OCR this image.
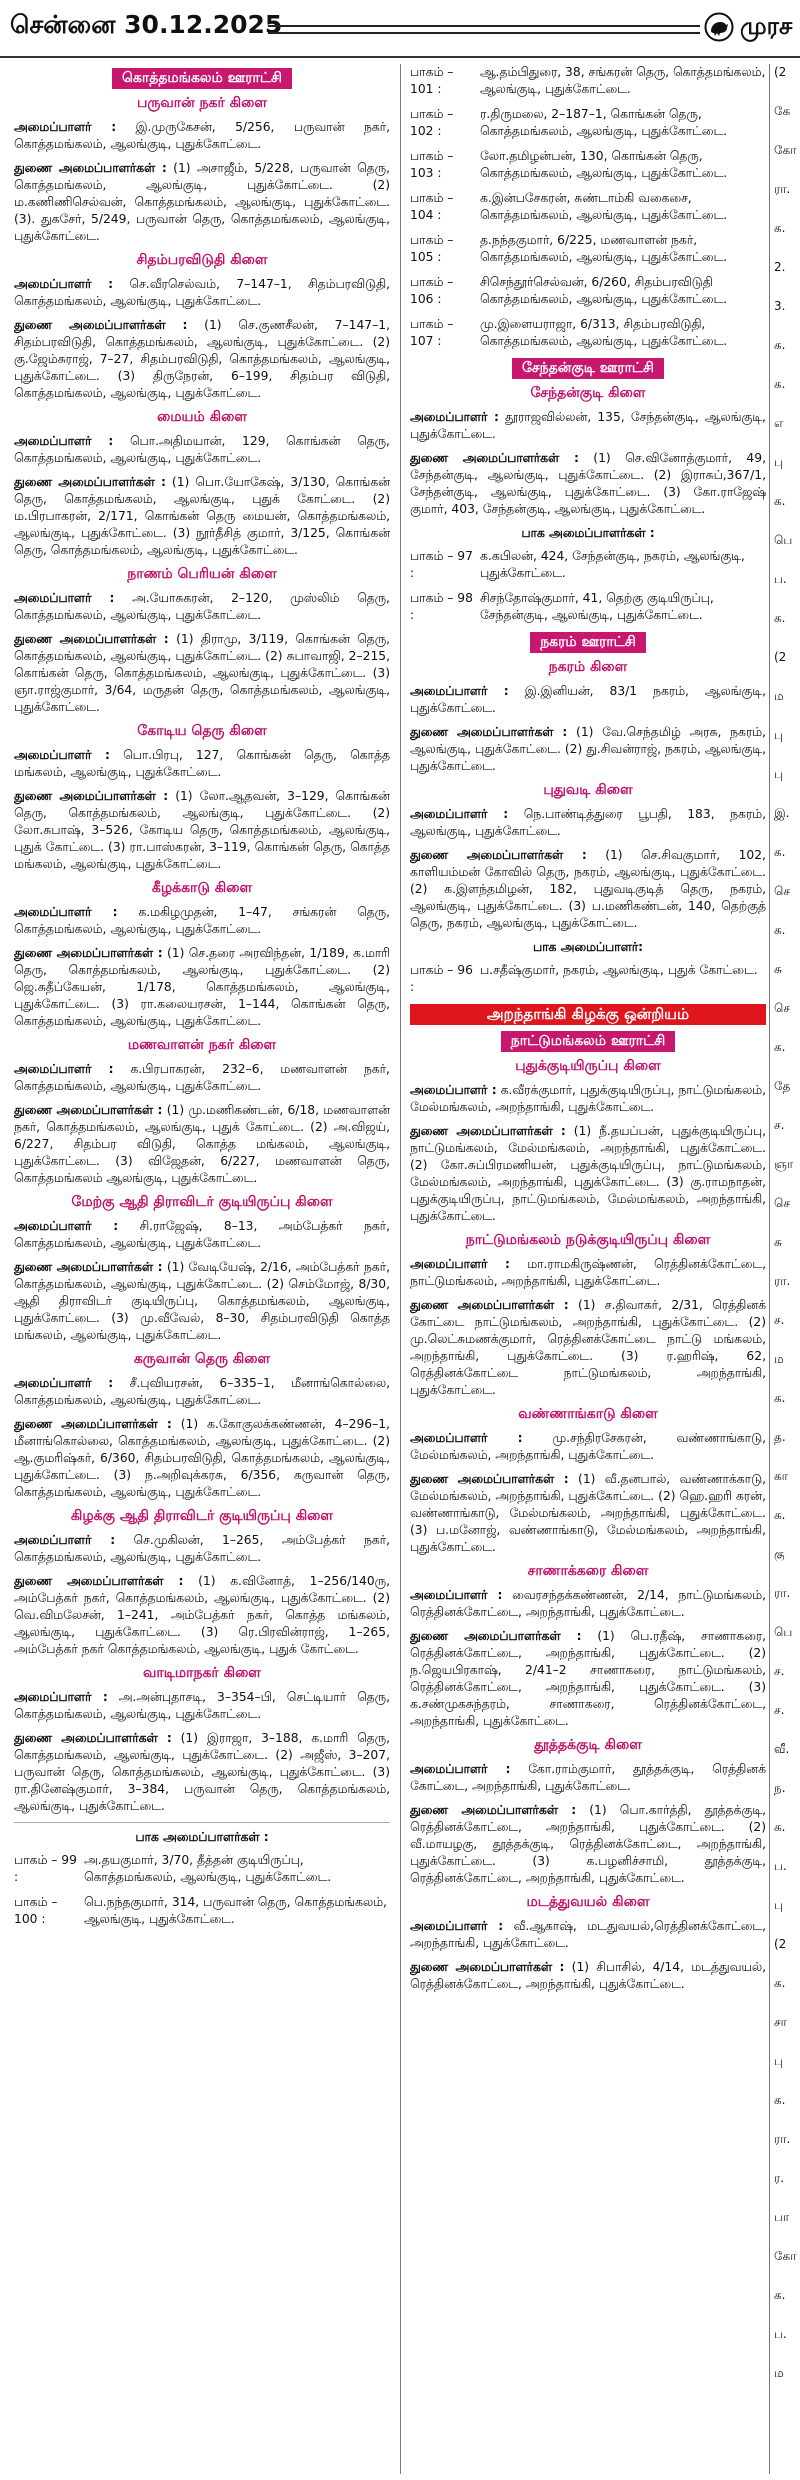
சென்னை 30.12.2025	முரச
கொத்தமங்கலம் ஊராட்சி
பருவான் நகர் கிளை
அமைப்பாளர் : இ.முருகேசன், 5/256, பருவான் நகர், கொத்தமங்கலம், ஆலங்குடி, புதுக்கோட்டை.
துணை அமைப்பாளர்கள் : (1) அசாஜீம், 5/228, பருவான் தெரு, கொத்தமங்கலம், ஆலங்குடி, புதுக்கோட்டை. (2) ம.கணிணிசெல்வன், கொத்தமங்கலம், ஆலங்குடி, புதுக்கோட்டை. (3). துகசேர், 5/249, பருவான் தெரு, கொத்தமங்கலம், ஆலங்குடி, புதுக்கோட்டை.
சிதம்பரவிடுதி கிளை
அமைப்பாளர் : செ.வீரசெல்வம், 7–147–1, சிதம்பரவிடுதி, கொத்தமங்கலம், ஆலங்குடி, புதுக்கோட்டை.
துணை அமைப்பாளர்கள் : (1) செ.குணசீலன், 7–147–1, சிதம்பரவிடுதி, கொத்தமங்கலம், ஆலங்குடி, புதுக்கோட்டை. (2) கு.ஜேம்சுராஜ், 7–27, சிதம்பரவிடுதி, கொத்தமங்கலம், ஆலங்குடி, புதுக்கோட்டை. (3) திருநேரன், 6–199, சிதம்பர விடுதி, கொத்தமங்கலம், ஆலங்குடி, புதுக்கோட்டை.
மையம் கிளை
அமைப்பாளர் : பொ.அதிமயான், 129, கொங்கன் தெரு, கொத்தமங்கலம், ஆலங்குடி, புதுக்கோட்டை.
துணை அமைப்பாளர்கள் : (1) பொ.யோகேஷ், 3/130, கொங்கன் தெரு, கொத்தமங்கலம், ஆலங்குடி, புதுக் கோட்டை. (2) ம.பிரபாகரன், 2/171, கொங்கன் தெரு மையன், கொத்தமங்கலம், ஆலங்குடி, புதுக்கோட்டை. (3) நூர்தீசித் குமார், 3/125, கொங்கன் தெரு, கொத்தமங்கலம், ஆலங்குடி, புதுக்கோட்டை.
நாணம் பெரியன் கிளை
அமைப்பாளர் : அ.யோசுகரன், 2–120, முஸ்லிம் தெரு, கொத்தமங்கலம், ஆலங்குடி, புதுக்கோட்டை.
துணை அமைப்பாளர்கள் : (1) திராமு, 3/119, கொங்கன் தெரு, கொத்தமங்கலம், ஆலங்குடி, புதுக்கோட்டை. (2) சுபாவாஜி, 2–215, கொங்கன் தெரு, கொத்தமங்கலம், ஆலங்குடி, புதுக்கோட்டை. (3) ஞா.ராஜ்குமார், 3/64, மருதன் தெரு, கொத்தமங்கலம், ஆலங்குடி, புதுக்கோட்டை.
கோடிய தெரு கிளை
அமைப்பாளர் : பொ.பிரபு, 127, கொங்கன் தெரு, கொத்த மங்கலம், ஆலங்குடி, புதுக்கோட்டை.
துணை அமைப்பாளர்கள் : (1) லோ.ஆதவன், 3–129, கொங்கன் தெரு, கொத்தமங்கலம், ஆலங்குடி, புதுக்கோட்டை. (2) லோ.சுபாஷ், 3–526, கோடிய தெரு, கொத்தமங்கலம், ஆலங்குடி, புதுக் கோட்டை. (3) ரா.பாஸ்கரன், 3–119, கொங்கன் தெரு, கொத்த மங்கலம், ஆலங்குடி, புதுக்கோட்டை.
கீழக்காடு கிளை
அமைப்பாளர் : க.மகிழமுதன், 1–47, சங்கரன் தெரு, கொத்தமங்கலம், ஆலங்குடி, புதுக்கோட்டை.
துணை அமைப்பாளர்கள் : (1) செ.தரை அரவிந்தன், 1/189, க.மாரி தெரு, கொத்தமங்கலம், ஆலங்குடி, புதுக்கோட்டை. (2) ஜெ.சுதீப்கேயன், 1/178, கொத்தமங்கலம், ஆலங்குடி, புதுக்கோட்டை. (3) ரா.கலையரசன், 1–144, கொங்கன் தெரு, கொத்தமங்கலம், ஆலங்குடி, புதுக்கோட்டை.
மணவாளன் நகர் கிளை
அமைப்பாளர் : க.பிரபாகரன், 232–6, மணவாளன் நகர், கொத்தமங்கலம், ஆலங்குடி, புதுக்கோட்டை.
துணை அமைப்பாளர்கள் : (1) மு.மணிகண்டன், 6/18, மணவாளன் நகர், கொத்தமங்கலம், ஆலங்குடி, புதுக் கோட்டை. (2) அ.விஜய், 6/227, சிதம்பர விடுதி, கொத்த மங்கலம், ஆலங்குடி, புதுக்கோட்டை. (3) விஜேதன், 6/227, மணவாளன் தெரு, கொத்தமங்கலம் ஆலங்குடி, புதுக்கோட்டை.
மேற்கு ஆதி திராவிடர் குடியிருப்பு கிளை
அமைப்பாளர் : சி.ராஜேஷ், 8–13, அம்பேத்கர் நகர், கொத்தமங்கலம், ஆலங்குடி, புதுக்கோட்டை.
துணை அமைப்பாளர்கள் : (1) வேடியேஷ், 2/16, அம்பேத்கர் நகர், கொத்தமங்கலம், ஆலங்குடி, புதுக்கோட்டை. (2) செம்மோஜ், 8/30, ஆதி திராவிடர் குடியிருப்பு, கொத்தமங்கலம், ஆலங்குடி, புதுக்கோட்டை. (3) மு.வீவேல், 8–30, சிதம்பரவிடுதி கொத்த மங்கலம், ஆலங்குடி, புதுக்கோட்டை.
கருவான் தெரு கிளை
அமைப்பாளர் : சீ.புவியரசன், 6–335–1, மீனாங்கொல்லை, கொத்தமங்கலம், ஆலங்குடி, புதுக்கோட்டை.
துணை அமைப்பாளர்கள் : (1) க.கோகுலக்கண்ணன், 4–296–1, மீனாங்கொல்லை, கொத்தமங்கலம், ஆலங்குடி, புதுக்கோட்டை. (2) ஆ.குமரிஷ்கர், 6/360, சிதம்பரவிடுதி, கொத்தமங்கலம், ஆலங்குடி, புதுக்கோட்டை. (3) ந.அறிவுக்கரசு, 6/356, கருவான் தெரு, கொத்தமங்கலம், ஆலங்குடி, புதுக்கோட்டை.
கிழக்கு ஆதி திராவிடர் குடியிருப்பு கிளை
அமைப்பாளர் : செ.முகிலன், 1–265, அம்பேத்கர் நகர், கொத்தமங்கலம், ஆலங்குடி, புதுக்கோட்டை.
துணை அமைப்பாளர்கள் : (1) க.வினோத், 1–256/140ரு, அம்பேத்கர் நகர், கொத்தமங்கலம், ஆலங்குடி, புதுக்கோட்டை. (2) வெ.விமலேசன், 1–241, அம்பேத்கர் நகர், கொத்த மங்கலம், ஆலங்குடி, புதுக்கோட்டை. (3) ரெ.பிரவின்ராஜ், 1–265, அம்பேத்கர் நகர் கொத்தமங்கலம், ஆலங்குடி, புதுக் கோட்டை.
வாடிமாநகர் கிளை
அமைப்பாளர் : அ.அன்புதாசடி, 3–354–பி, செட்டியார் தெரு, கொத்தமங்கலம், ஆலங்குடி, புதுக்கோட்டை.
துணை அமைப்பாளர்கள் : (1) இராஜா, 3–188, க.மாரி தெரு, கொத்தமங்கலம், ஆலங்குடி, புதுக்கோட்டை. (2) அஜீஸ், 3–207, பருவான் தெரு, கொத்தமங்கலம், ஆலங்குடி, புதுக்கோட்டை. (3) ரா.தினேஷ்குமார், 3–384, பருவான் தெரு, கொத்தமங்கலம், ஆலங்குடி, புதுக்கோட்டை.
பாக அமைப்பாளர்கள் :
பாகம் – 99 :
அ.தயகுமார், 3/70, தீத்தன் குடியிருப்பு, கொத்தமங்கலம், ஆலங்குடி, புதுக்கோட்டை.
பாகம் – 100 :
பெ.நந்தகுமார், 314, பருவான் தெரு, கொத்தமங்கலம், ஆலங்குடி, புதுக்கோட்டை.
பாகம் – 101 :
ஆ.தம்பிதுரை, 38, சங்கரன் தெரு, கொத்தமங்கலம், ஆலங்குடி, புதுக்கோட்டை.
பாகம் – 102 :
ர.திருமலை, 2–187–1, கொங்கன் தெரு, கொத்தமங்கலம், ஆலங்குடி, புதுக்கோட்டை.
பாகம் – 103 :
லோ.தமிழன்பன், 130, கொங்கன் தெரு, கொத்தமங்கலம், ஆலங்குடி, புதுக்கோட்டை.
பாகம் – 104 :
க.இன்பசேகரன், சுண்டாம்கி வகைசை, கொத்தமங்கலம், ஆலங்குடி, புதுக்கோட்டை.
பாகம் – 105 :
த.நந்தகுமார், 6/225, மணவாளன் நகர், கொத்தமங்கலம், ஆலங்குடி, புதுக்கோட்டை.
பாகம் – 106 :
சிசெந்தூர்செல்வன், 6/260, சிதம்பரவிடுதி கொத்தமங்கலம், ஆலங்குடி, புதுக்கோட்டை.
பாகம் – 107 :
மு.இளையராஜா, 6/313, சிதம்பரவிடுதி, கொத்தமங்கலம், ஆலங்குடி, புதுக்கோட்டை.
சேந்தன்குடி ஊராட்சி
சேந்தன்குடி கிளை
அமைப்பாளர் : தூராஜவில்லன், 135, சேந்தன்குடி, ஆலங்குடி, புதுக்கோட்டை.
துணை அமைப்பாளர்கள் : (1) செ.வினோத்குமார், 49, சேந்தன்குடி, ஆலங்குடி, புதுக்கோட்டை. (2) இராசுப்,367/1, சேந்தன்குடி, ஆலங்குடி, புதுக்கோட்டை. (3) கோ.ராஜேஷ் குமார், 403, சேந்தன்குடி, ஆலங்குடி, புதுக்கோட்டை.
பாக அமைப்பாளர்கள் :
பாகம் – 97 :
க.கபிலன், 424, சேந்தன்குடி, நகரம், ஆலங்குடி, புதுக்கோட்டை.
பாகம் – 98 :
சிசந்தோஷ்குமார், 41, தெற்கு குடியிருப்பு, சேந்தன்குடி, ஆலங்குடி, புதுக்கோட்டை.
நகரம் ஊராட்சி
நகரம் கிளை
அமைப்பாளர் : இ.இனியன், 83/1 நகரம், ஆலங்குடி, புதுக்கோட்டை.
துணை அமைப்பாளர்கள் : (1) வே.செந்தமிழ் அரசு, நகரம், ஆலங்குடி, புதுக்கோட்டை. (2) து.சிவன்ராஜ், நகரம், ஆலங்குடி, புதுக்கோட்டை.
புதுவடி கிளை
அமைப்பாளர் : நெ.பாண்டித்துரை பூபதி, 183, நகரம், ஆலங்குடி, புதுக்கோட்டை.
துணை அமைப்பாளர்கள் : (1) செ.சிவகுமார், 102, காளியம்மன் கோவில் தெரு, நகரம், ஆலங்குடி, புதுக்கோட்டை. (2) க.இளந்தமிழன், 182, புதுவடிகுடித் தெரு, நகரம், ஆலங்குடி, புதுக்கோட்டை. (3) ப.மணிகண்டன், 140, தெற்குத் தெரு, நகரம், ஆலங்குடி, புதுக்கோட்டை.
பாக அமைப்பாளர்:
பாகம் – 96 :
ப.சதீஷ்குமார், நகரம், ஆலங்குடி, புதுக் கோட்டை.
அறந்தாங்கி கிழக்கு ஒன்றியம்
நாட்டுமங்கலம் ஊராட்சி
புதுக்குடியிருப்பு கிளை
அமைப்பாளர் : க.வீரக்குமார், புதுக்குடியிருப்பு, நாட்டுமங்கலம், மேல்மங்கலம், அறந்தாங்கி, புதுக்கோட்டை.
துணை அமைப்பாளர்கள் : (1) நீ.தயப்பன், புதுக்குடியிருப்பு, நாட்டுமங்கலம், மேல்மங்கலம், அறந்தாங்கி, புதுக்கோட்டை. (2) கோ.சுப்பிரமணியன், புதுக்குடியிருப்பு, நாட்டுமங்கலம், மேல்மங்கலம், அறந்தாங்கி, புதுக்கோட்டை. (3) கு.ராமநாதன், புதுக்குடியிருப்பு, நாட்டுமங்கலம், மேல்மங்கலம், அறந்தாங்கி, புதுக்கோட்டை.
நாட்டுமங்கலம் நடுக்குடியிருப்பு கிளை
அமைப்பாளர் : மா.ராமகிருஷ்ணன், ரெத்தினக்கோட்டை, நாட்டுமங்கலம், அறந்தாங்கி, புதுக்கோட்டை.
துணை அமைப்பாளர்கள் : (1) ச.திவாகர், 2/31, ரெத்தினக் கோட்டை நாட்டுமங்கலம், அறந்தாங்கி, புதுக்கோட்டை. (2) மு.லெட்சுமணக்குமார், ரெத்தினக்கோட்டை நாட்டு மங்கலம், அறந்தாங்கி, புதுக்கோட்டை. (3) ர.ஹரிஷ், 62, ரெத்தினக்கோட்டை நாட்டுமங்கலம், அறந்தாங்கி, புதுக்கோட்டை.
வண்ணாங்காடு கிளை
அமைப்பாளர் : மு.சந்திரசேகரன், வண்ணாங்காடு, மேல்மங்கலம், அறந்தாங்கி, புதுக்கோட்டை.
துணை அமைப்பாளர்கள் : (1) வீ.தனபால், வண்ணாக்காடு, மேல்மங்கலம், அறந்தாங்கி, புதுக்கோட்டை. (2) ஹெ.ஹரி கரன், வண்ணாங்காடு, மேல்மங்கலம், அறந்தாங்கி, புதுக்கோட்டை. (3) ப.மனோஜ், வண்ணாங்காடு, மேல்மங்கலம், அறந்தாங்கி, புதுக்கோட்டை.
சாணாக்கரை கிளை
அமைப்பாளர் : வைரசந்தக்கண்ணன், 2/14, நாட்டுமங்கலம், ரெத்தினக்கோட்டை, அறந்தாங்கி, புதுக்கோட்டை.
துணை அமைப்பாளர்கள் : (1) பெ.ரதீஷ், சாணாகரை, ரெத்தினக்கோட்டை, அறந்தாங்கி, புதுக்கோட்டை. (2) ந.ஜெயபிரகாஷ், 2/41–2 சாணாகரை, நாட்டுமங்கலம், ரெத்தினக்கோட்டை, அறந்தாங்கி, புதுக்கோட்டை. (3) க.சண்முகசுந்தரம், சாணாகரை, ரெத்தினக்கோட்டை, அறந்தாங்கி, புதுக்கோட்டை.
தூத்தக்குடி கிளை
அமைப்பாளர் : கோ.ராம்குமார், தூத்தக்குடி, ரெத்தினக் கோட்டை, அறந்தாங்கி, புதுக்கோட்டை.
துணை அமைப்பாளர்கள் : (1) பொ.கார்த்தி, தூத்தக்குடி, ரெத்தினக்கோட்டை, அறந்தாங்கி, புதுக்கோட்டை. (2) வீ.மாயழகு, தூத்தக்குடி, ரெத்தினக்கோட்டை, அறந்தாங்கி, புதுக்கோட்டை. (3) க.பழனிச்சாமி, தூத்தக்குடி, ரெத்தினக்கோட்டை, அறந்தாங்கி, புதுக்கோட்டை.
மடத்துவயல் கிளை
அமைப்பாளர் : வீ.ஆகாஷ், மடதுவயல்,ரெத்தினக்கோட்டை, அறந்தாங்கி, புதுக்கோட்டை.
துணை அமைப்பாளர்கள் : (1) சிபாசில், 4/14, மடத்துவயல், ரெத்தினக்கோட்டை, அறந்தாங்கி, புதுக்கோட்டை.
(2
கே
கோ
ரா.
க.
2.
3.
க.
க.
எ
பு
க.
பெ
ப.
க.
(2
ம
பு
பு
இ.
க.
செ
க.
சு
செ
க.
தே
ச.
ஞா
செ
சு
ரா.
ச.
ம
க.
த.
கா
க.
கு
ரா.
பெ
ச.
ச.
வீ.
ந.
க.
ப.
பு
(2
க.
சா
பு
க.
ரா.
ர.
பா
கோ
க.
ப.
ம
